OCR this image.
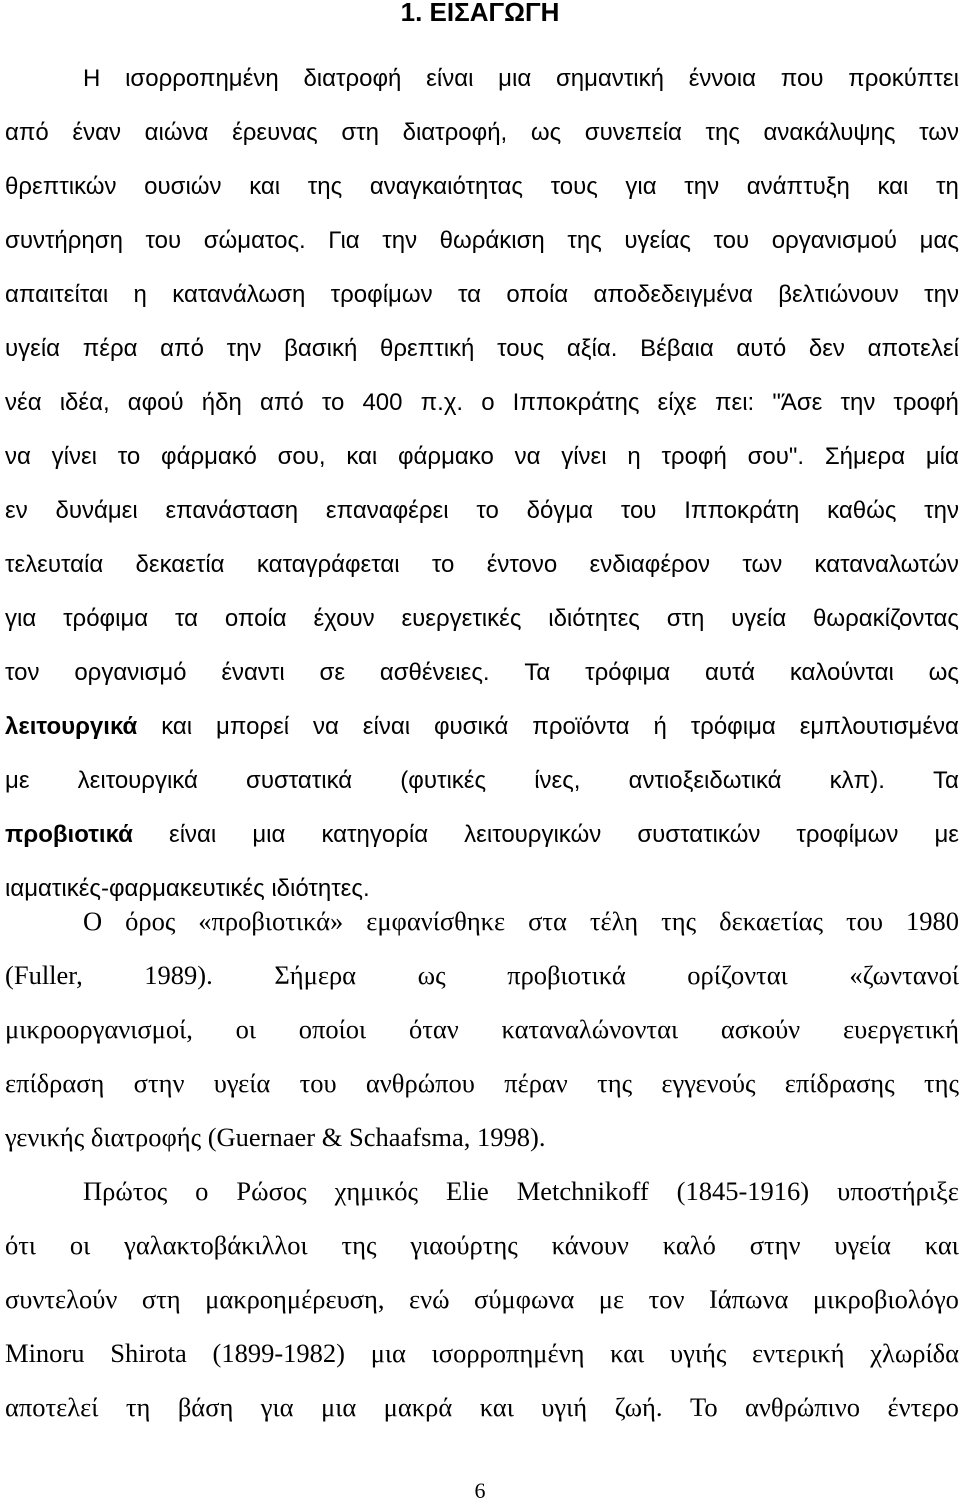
1. ΕΙΣΑΓΩΓΗ
Η ισορροπημένη διατροφή είναι μια σημαντική έννοια που προκύπτει
από έναν αιώνα έρευνας στη διατροφή, ως συνεπεία της ανακάλυψης των
θρεπτικών ουσιών και της αναγκαιότητας τους για την ανάπτυξη και τη
συντήρηση του σώματος. Για την θωράκιση της υγείας του οργανισμού μας
απαιτείται η κατανάλωση τροφίμων τα οποία αποδεδειγμένα βελτιώνουν την
υγεία πέρα από την βασική θρεπτική τους αξία. Βέβαια αυτό δεν αποτελεί
νέα ιδέα, αφού ήδη από το 400 π.χ. ο Ιπποκράτης είχε πει: "Άσε την τροφή
να γίνει το φάρμακό σου, και φάρμακο να γίνει η τροφή σου". Σήμερα μία
εν δυνάμει επανάσταση επαναφέρει το δόγμα του Ιπποκράτη καθώς την
τελευταία δεκαετία καταγράφεται το έντονο ενδιαφέρον των καταναλωτών
για τρόφιμα τα οποία έχουν ευεργετικές ιδιότητες στη υγεία θωρακίζοντας
τον οργανισμό έναντι σε ασθένειες. Τα τρόφιμα αυτά καλούνται ως
λειτουργικά και μπορεί να είναι φυσικά προϊόντα ή τρόφιμα εμπλουτισμένα
με λειτουργικά συστατικά (φυτικές ίνες, αντιοξειδωτικά κλπ). Τα
προβιοτικά είναι μια κατηγορία λειτουργικών συστατικών τροφίμων με
ιαματικές-φαρμακευτικές ιδιότητες.
Ο όρος «προβιοτικά» εμφανίσθηκε στα τέλη της δεκαετίας του 1980
(Fuller, 1989). Σήμερα ως προβιοτικά ορίζονται «ζωντανοί
μικροοργανισμοί, οι οποίοι όταν καταναλώνονται ασκούν ευεργετική
επίδραση στην υγεία του ανθρώπου πέραν της εγγενούς επίδρασης της
γενικής διατροφής (Guernaer & Schaafsma, 1998).
Πρώτος ο Ρώσος χημικός Elie Metchnikoff (1845-1916) υποστήριξε
ότι οι γαλακτοβάκιλλοι της γιαούρτης κάνουν καλό στην υγεία και
συντελούν στη μακροημέρευση, ενώ σύμφωνα με τον Ιάπωνα μικροβιολόγο
Minoru Shirota (1899-1982) μια ισορροπημένη και υγιής εντερική χλωρίδα
αποτελεί τη βάση για μια μακρά και υγιή ζωή. Το ανθρώπινο έντερο
6
